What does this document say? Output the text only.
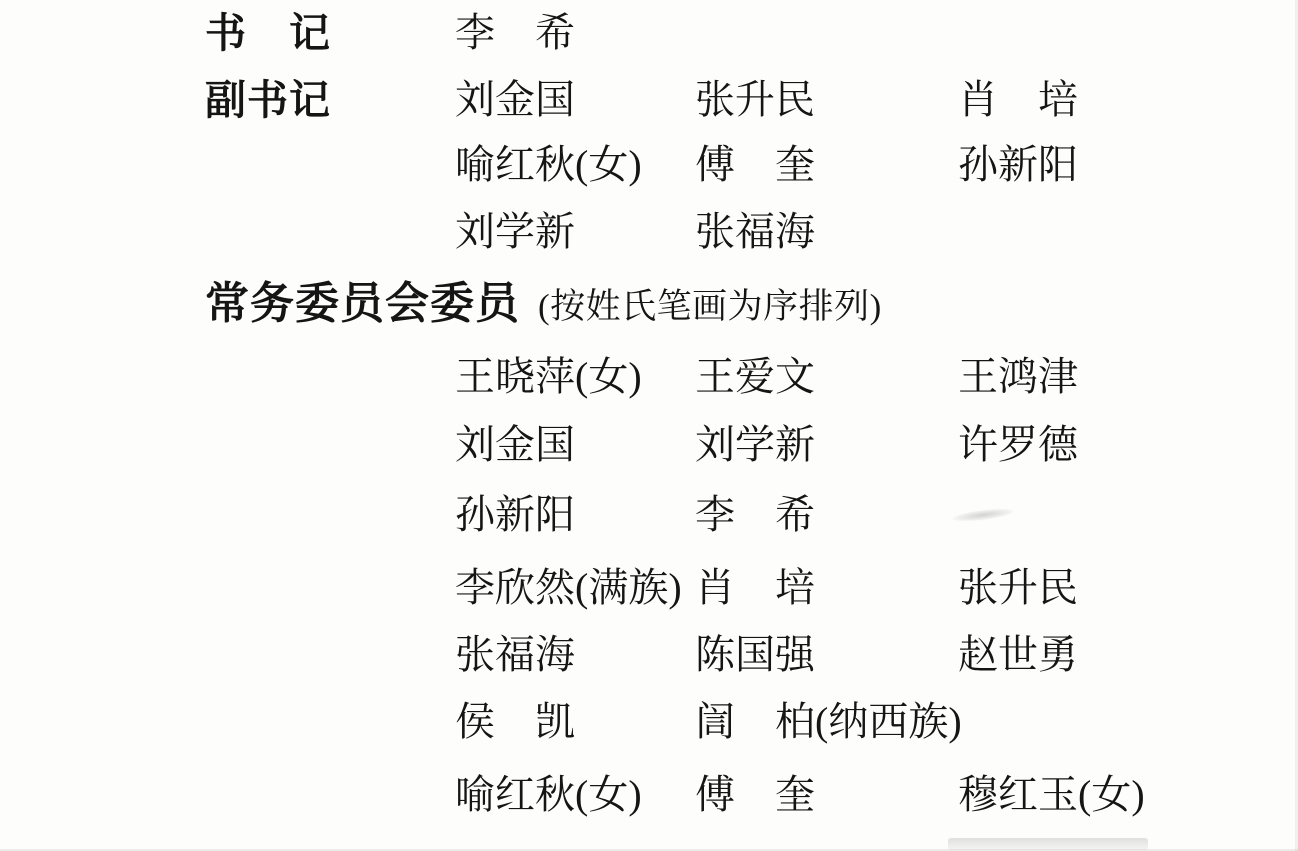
书　记	李　希
副书记	刘金国	张升民	肖　培
喻红秋(女) 傅　奎	孙新阳
刘学新	张福海
常务委员会委员 (按姓氏笔画为序排列)
王晓萍(女) 王爱文	王鸿津
刘金国	刘学新	许罗德
孙新阳	李　希
李欣然(满族) 肖　培	张升民
张福海	陈国强	赵世勇
侯　凯	訚　柏(纳西族)
喻红秋(女) 傅　奎	穆红玉(女)
